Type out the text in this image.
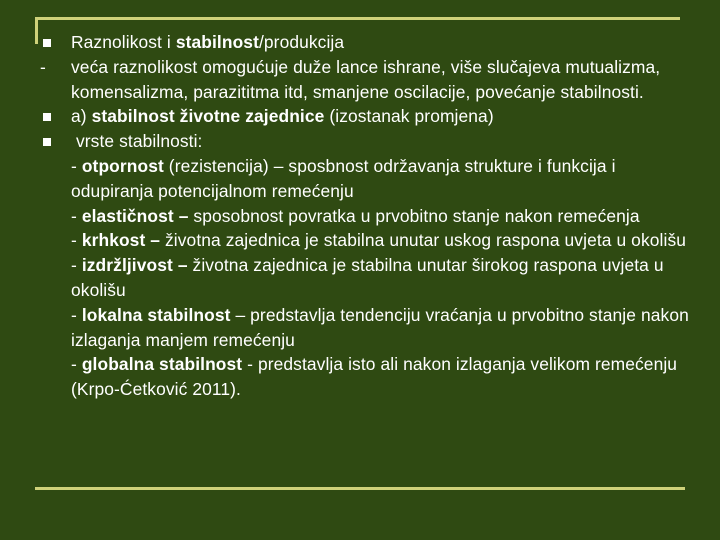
Raznolikost i stabilnost/produkcija
- veća raznolikost omogućuje duže lance ishrane, više slučajeva mutualizma, komensalizma, parazititma itd, smanjene oscilacije, povećanje stabilnosti.
a) stabilnost životne zajednice (izostanak promjena)
vrste stabilnosti:
- otpornost (rezistencija) – sposbnost održavanja strukture i funkcija i odupiranja potencijalnom remećenju
- elastičnost – sposobnost povratka u prvobitno stanje nakon remećenja
- krhkost – životna zajednica je stabilna unutar uskog raspona uvjeta u okolišu
- izdržljivost – životna zajednica je stabilna unutar širokog raspona uvjeta u okolišu
- lokalna stabilnost – predstavlja tendenciju vraćanja u prvobitno stanje nakon izlaganja manjem remećenju
- globalna stabilnost - predstavlja isto ali nakon izlaganja velikom remećenju (Krpo-Ćetković 2011).
